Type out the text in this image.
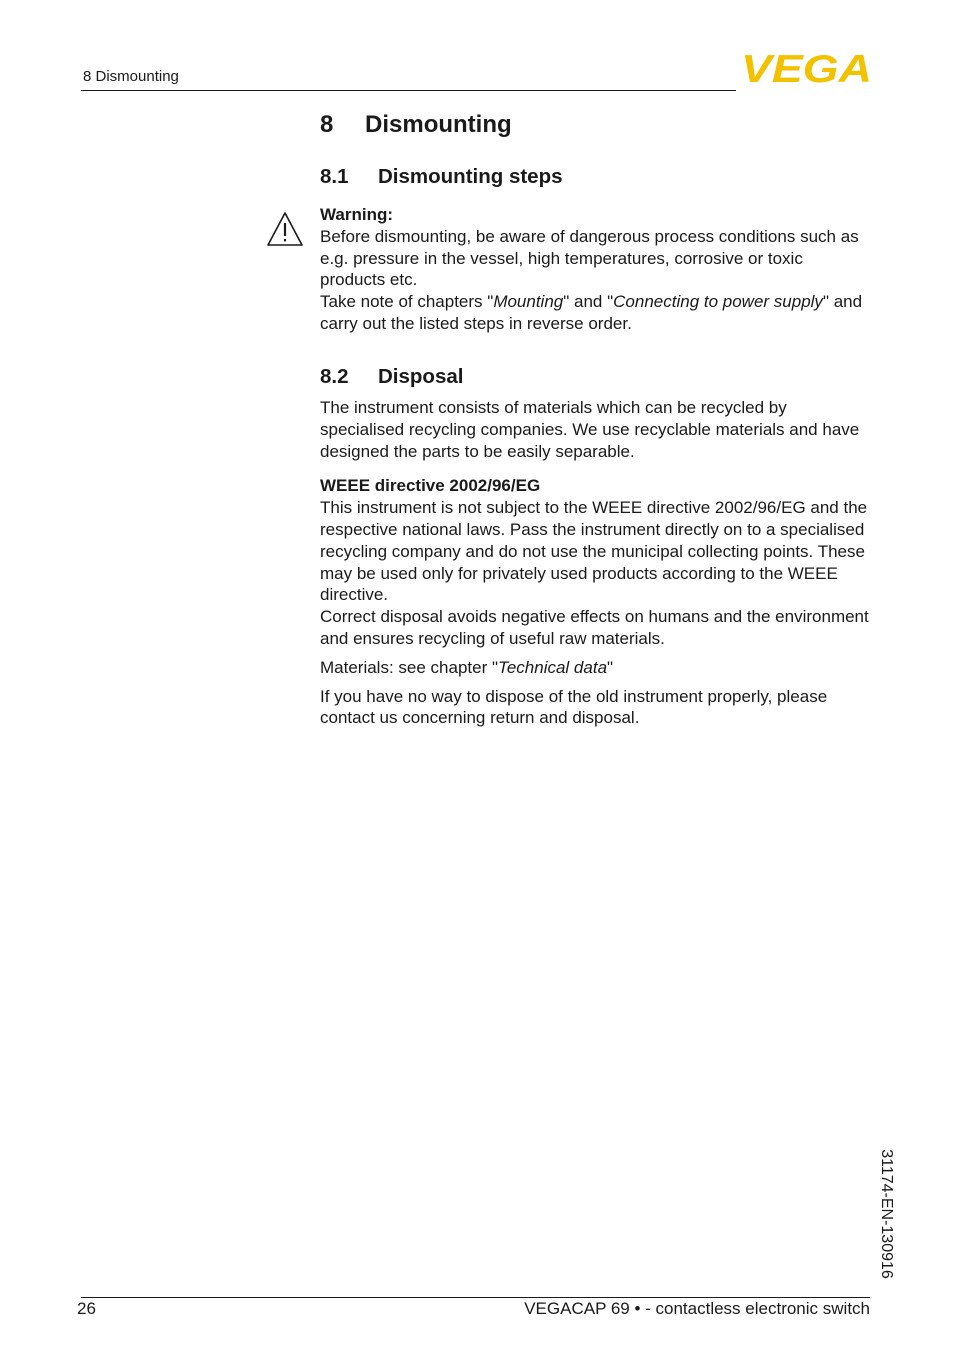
8 Dismounting	VEGA
8 Dismounting
8.1 Dismounting steps

Warning:
Before dismounting, be aware of dangerous process conditions such as e.g. pressure in the vessel, high temperatures, corrosive or toxic products etc.

Take note of chapters "Mounting" and "Connecting to power supply" and carry out the listed steps in reverse order.

8.2 Disposal

The instrument consists of materials which can be recycled by specialised recycling companies. We use recyclable materials and have designed the parts to be easily separable.

WEEE directive 2002/96/EG
This instrument is not subject to the WEEE directive 2002/96/EG and the respective national laws. Pass the instrument directly on to a specialised recycling company and do not use the municipal collecting points. These may be used only for privately used products according to the WEEE directive.

Correct disposal avoids negative effects on humans and the environment and ensures recycling of useful raw materials.

Materials: see chapter "Technical data"

If you have no way to dispose of the old instrument properly, please contact us concerning return and disposal.

31174-EN-130916
26	VEGACAP 69 • - contactless electronic switch
